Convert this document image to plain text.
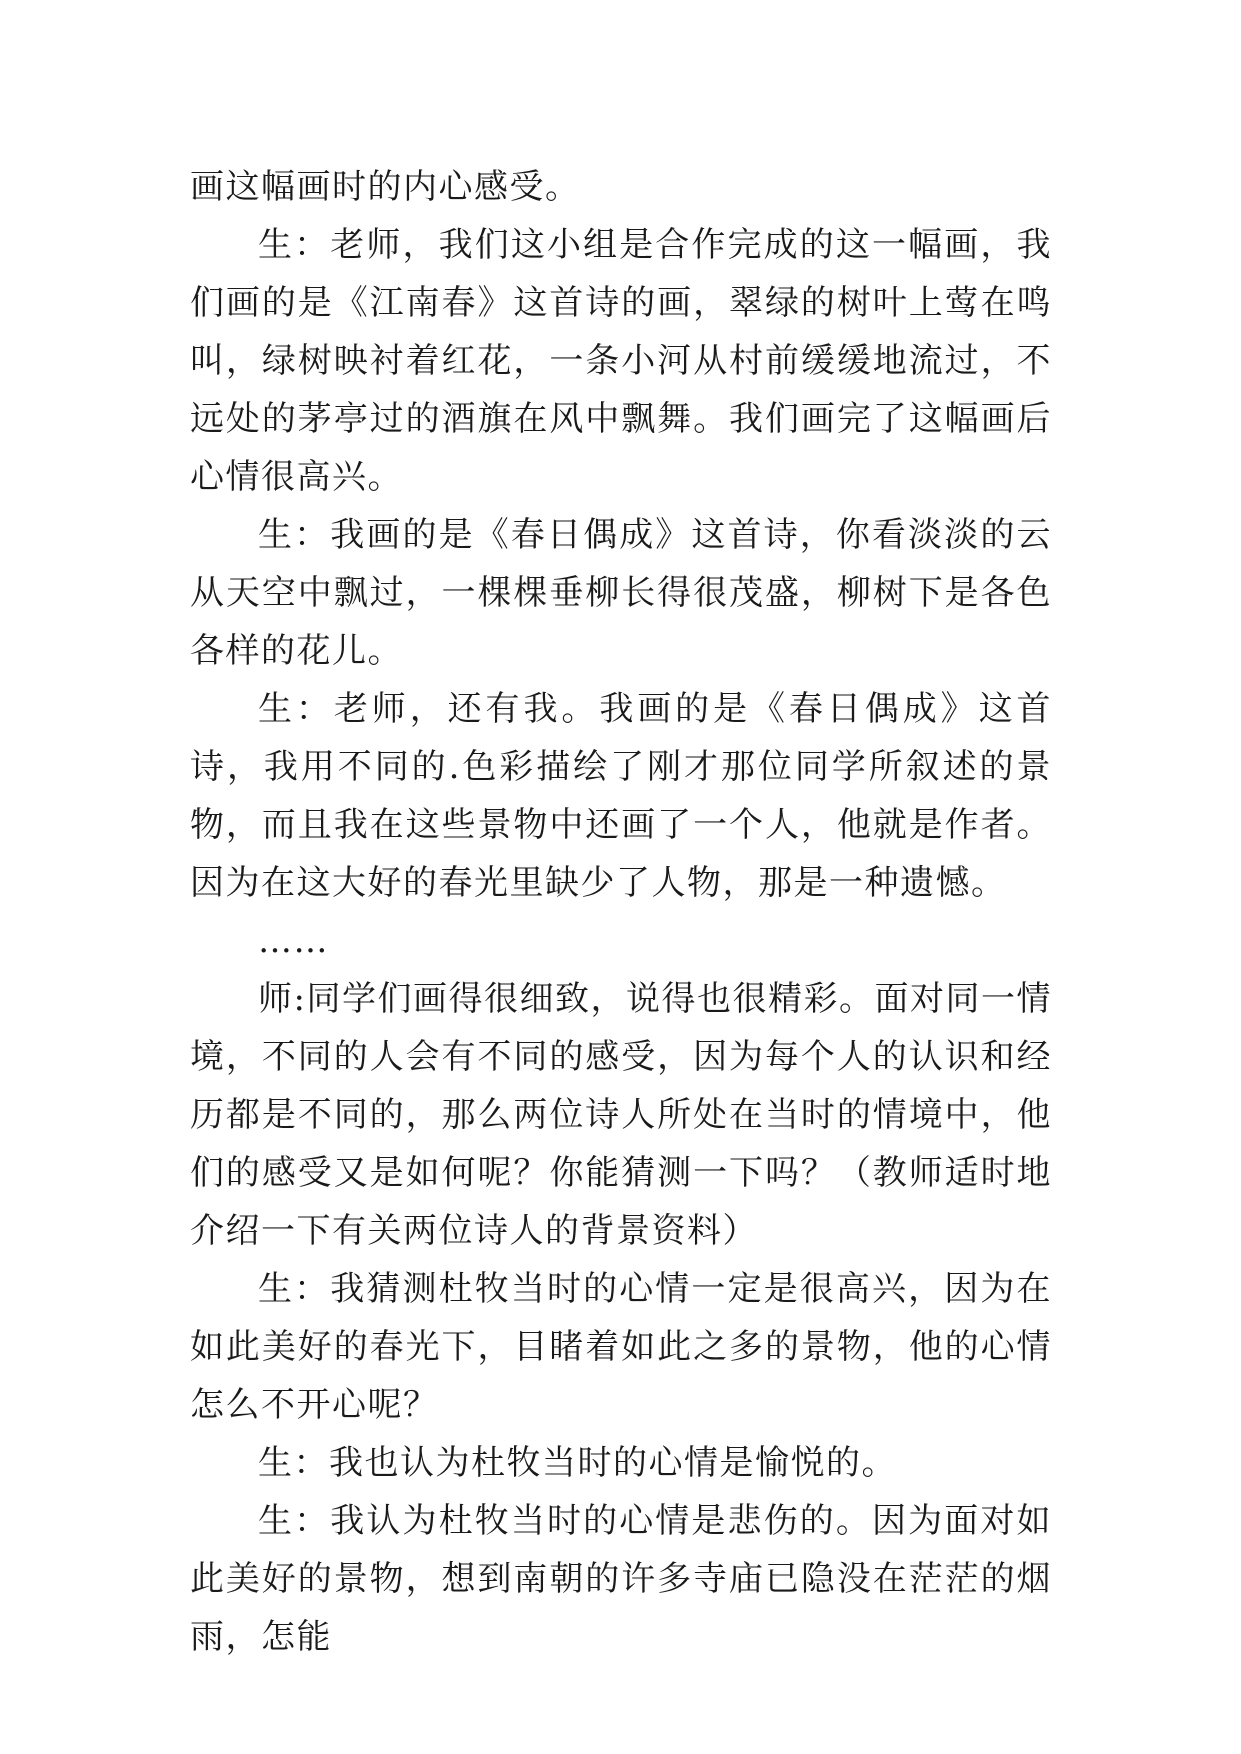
画这幅画时的内心感受。

生：老师，我们这小组是合作完成的这一幅画，我们画的是《江南春》这首诗的画，翠绿的树叶上莺在鸣叫，绿树映衬着红花，一条小河从村前缓缓地流过，不远处的茅亭过的酒旗在风中飘舞。我们画完了这幅画后心情很高兴。

生：我画的是《春日偶成》这首诗，你看淡淡的云从天空中飘过，一棵棵垂柳长得很茂盛，柳树下是各色各样的花儿。

生：老师，还有我。我画的是《春日偶成》这首诗，我用不同的.色彩描绘了刚才那位同学所叙述的景物，而且我在这些景物中还画了一个人，他就是作者。因为在这大好的春光里缺少了人物，那是一种遗憾。

……

师:同学们画得很细致，说得也很精彩。面对同一情境，不同的人会有不同的感受，因为每个人的认识和经历都是不同的，那么两位诗人所处在当时的情境中，他们的感受又是如何呢？你能猜测一下吗？（教师适时地介绍一下有关两位诗人的背景资料）

生：我猜测杜牧当时的心情一定是很高兴，因为在如此美好的春光下，目睹着如此之多的景物，他的心情怎么不开心呢？

生：我也认为杜牧当时的心情是愉悦的。

生：我认为杜牧当时的心情是悲伤的。因为面对如此美好的景物，想到南朝的许多寺庙已隐没在茫茫的烟雨，怎能
